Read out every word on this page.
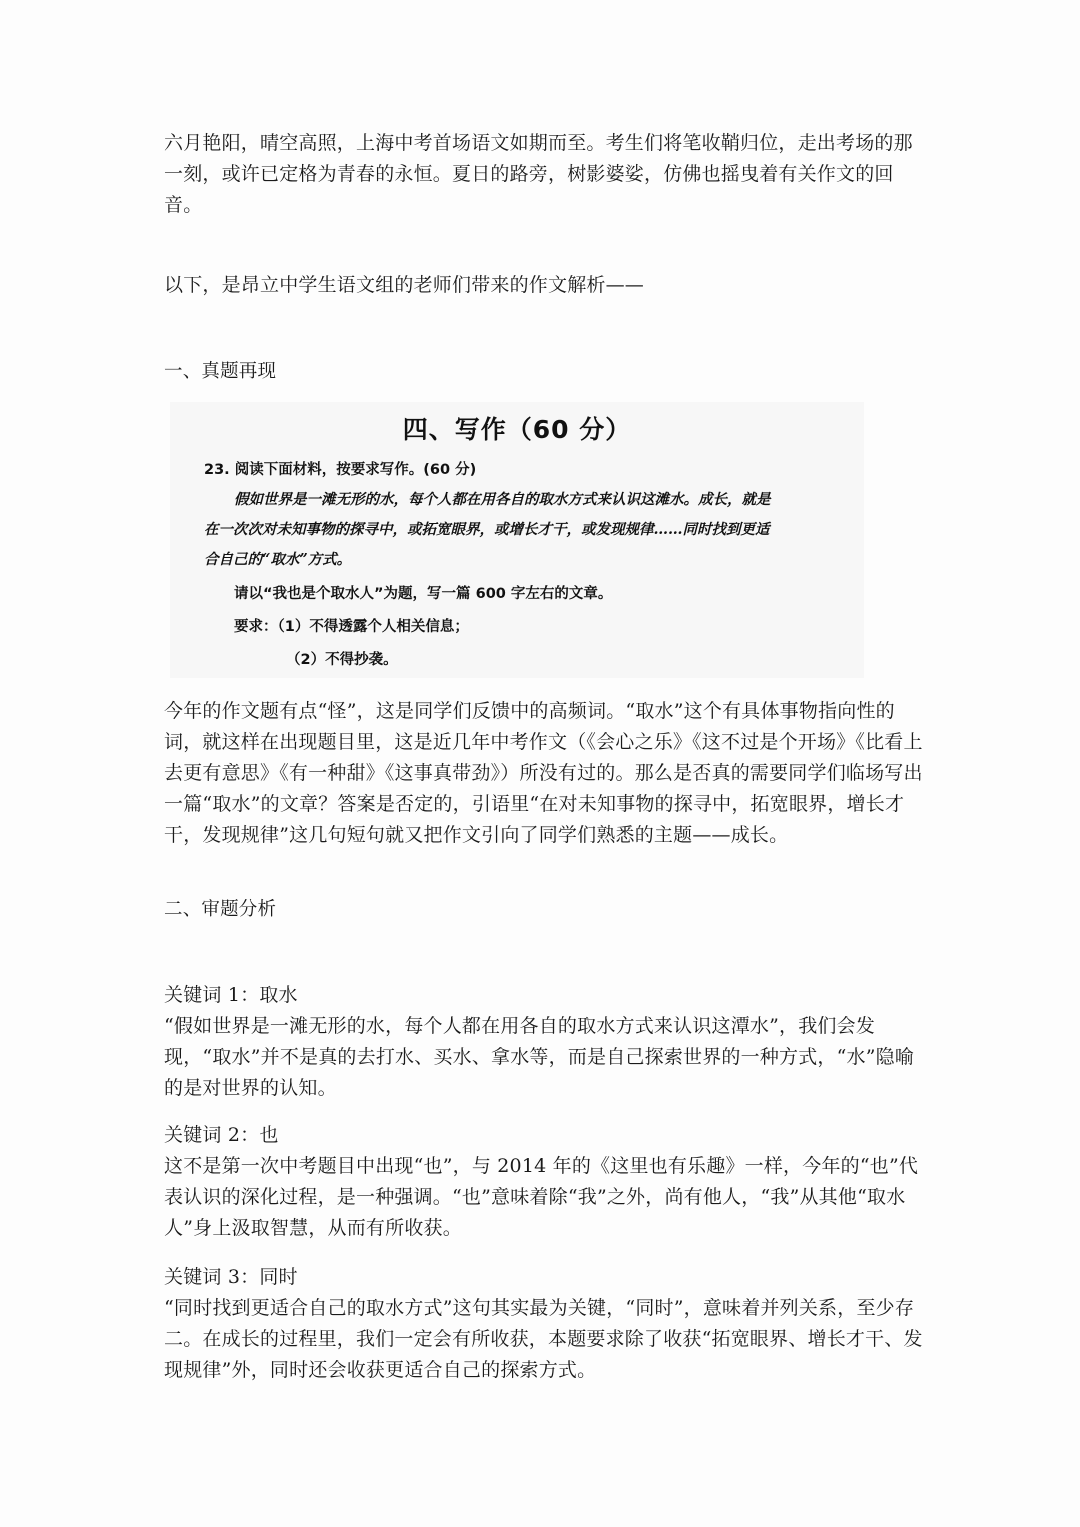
六月艳阳，晴空高照，上海中考首场语文如期而至。考生们将笔收鞘归位，走出考场的那一刻，或许已定格为青春的永恒。夏日的路旁，树影婆娑，仿佛也摇曳着有关作文的回音。

以下，是昂立中学生语文组的老师们带来的作文解析——

一、真题再现

四、写作（60 分）
23. 阅读下面材料，按要求写作。(60 分)
假如世界是一滩无形的水，每个人都在用各自的取水方式来认识这滩水。成长，就是
在一次次对未知事物的探寻中，或拓宽眼界，或增长才干，或发现规律……同时找到更适
合自己的“取水”方式。
请以“我也是个取水人”为题，写一篇 600 字左右的文章。
要求：（1）不得透露个人相关信息；
（2）不得抄袭。

今年的作文题有点“怪”，这是同学们反馈中的高频词。“取水”这个有具体事物指向性的词，就这样在出现题目里，这是近几年中考作文（《会心之乐》《这不过是个开场》《比看上去更有意思》《有一种甜》《这事真带劲》）所没有过的。那么是否真的需要同学们临场写出一篇“取水”的文章？答案是否定的，引语里“在对未知事物的探寻中，拓宽眼界，增长才干，发现规律”这几句短句就又把作文引向了同学们熟悉的主题——成长。

二、审题分析

关键词 1：取水

“假如世界是一滩无形的水，每个人都在用各自的取水方式来认识这潭水”，我们会发现，“取水”并不是真的去打水、买水、拿水等，而是自己探索世界的一种方式，“水”隐喻的是对世界的认知。

关键词 2：也

这不是第一次中考题目中出现“也”，与 2014 年的《这里也有乐趣》一样，今年的“也”代表认识的深化过程，是一种强调。“也”意味着除“我”之外，尚有他人，“我”从其他“取水人”身上汲取智慧，从而有所收获。

关键词 3：同时

“同时找到更适合自己的取水方式”这句其实最为关键，“同时”，意味着并列关系，至少存二。在成长的过程里，我们一定会有所收获，本题要求除了收获“拓宽眼界、增长才干、发现规律”外，同时还会收获更适合自己的探索方式。
